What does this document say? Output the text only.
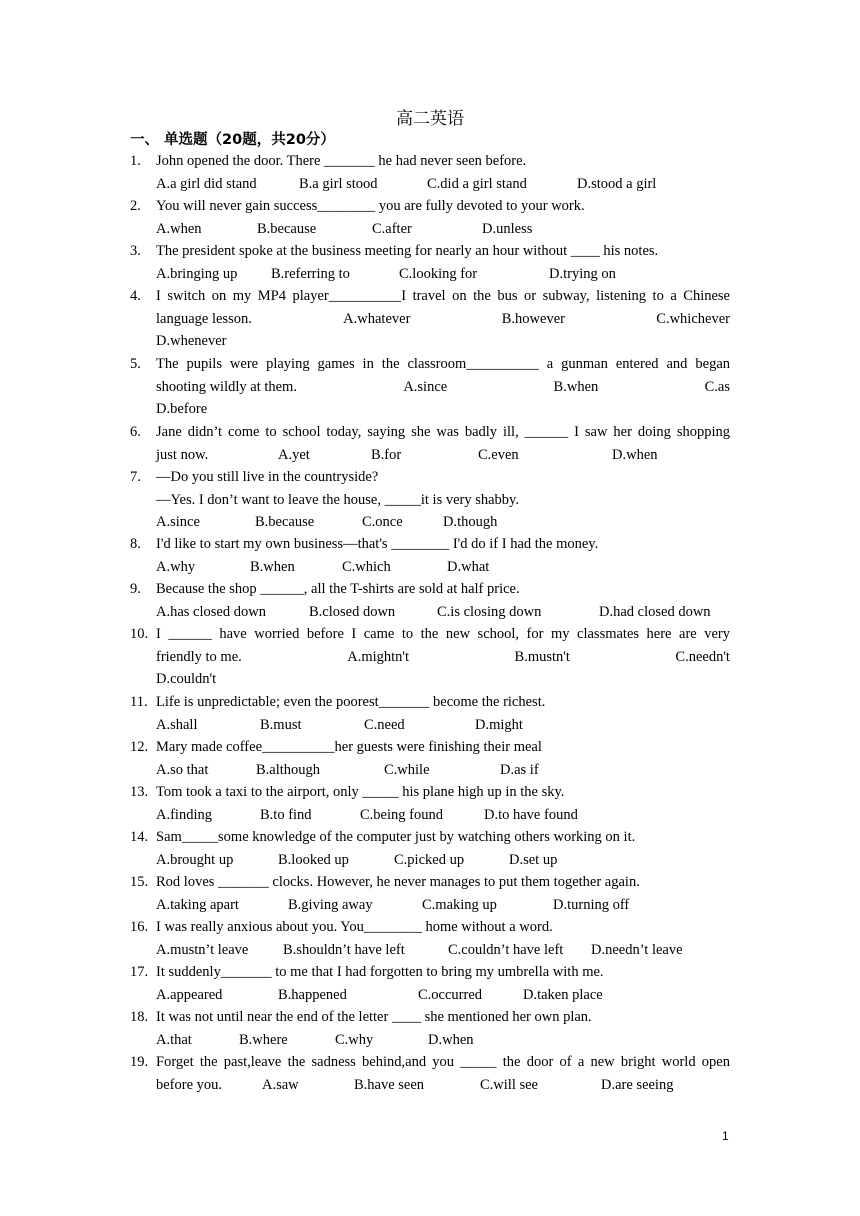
高二英语
一、 单选题（20题，共20分）
1.	John opened the door. There _______ he had never seen before.
A.a girl did stand	B.a girl stood	C.did a girl stand	D.stood a girl
2.	You will never gain success________ you are fully devoted to your work.
A.when	B.because	C.after	D.unless
3.	The president spoke at the business meeting for nearly an hour without ____ his notes.
A.bringing up B.referring to	C.looking for	D.trying on
4.	I switch on my MP4 player__________I travel on the bus or subway, listening to a Chinese
language lesson.	A.whatever	B.however	C.whichever
D.whenever
5.	The pupils were playing games in the classroom__________ a gunman entered and began
shooting wildly at them.	A.since	B.when	C.as
D.before
6.	Jane didn’t come to school today, saying she was badly ill, ______ I saw her doing shopping
just now.	A.yet	B.for	C.even	D.when
7.	—Do you still live in the countryside?
—Yes. I don’t want to leave the house, _____it is very shabby.
A.since	B.because	C.once	D.though
8.	I'd like to start my own business—that's ________ I'd do if I had the money.
A.why	B.when	C.which	D.what
9.	Because the shop ______, all the T-shirts are sold at half price.
A.has closed down	B.closed down	C.is closing down	D.had closed down
10. I ______ have worried before I came to the new school, for my classmates here are very
friendly to me.	A.mightn't	B.mustn't	C.needn't
D.couldn't
11. Life is unpredictable; even the poorest_______ become the richest.
A.shall	B.must	C.need	D.might
12. Mary made coffee__________her guests were finishing their meal
A.so that	B.although	C.while	D.as if
13. Tom took a taxi to the airport, only _____ his plane high up in the sky.
A.finding	B.to find	C.being found	D.to have found
14. Sam_____some knowledge of the computer just by watching others working on it.
A.brought up	B.looked up	C.picked up	D.set up
15. Rod loves _______ clocks. However, he never manages to put them together again.
A.taking apart	B.giving away	C.making up	D.turning off
16. I was really anxious about you. You________ home without a word.
A.mustn’t leave B.shouldn’t have left	C.couldn’t have left D.needn’t leave
17. It suddenly_______ to me that I had forgotten to bring my umbrella with me.
A.appeared	B.happened	C.occurred	D.taken place
18. It was not until near the end of the letter ____ she mentioned her own plan.
A.that	B.where	C.why	D.when
19. Forget the past,leave the sadness behind,and you _____ the door of a new bright world open
before you.	A.saw	B.have seen	C.will see	D.are seeing
1
